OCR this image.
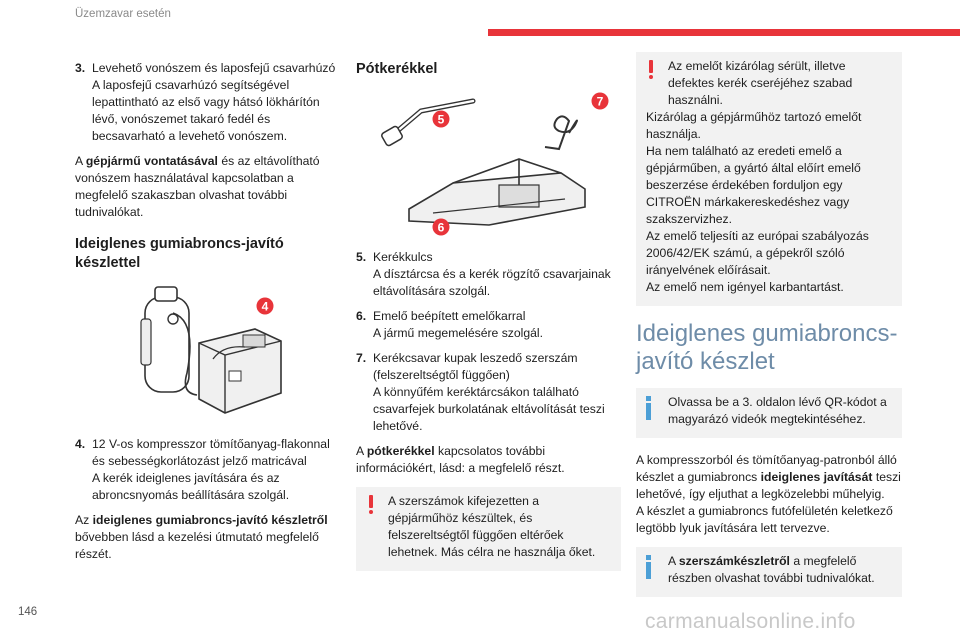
Üzemzavar esetén
3. Levehető vonószem és laposfejű csavarhúzó
A laposfejű csavarhúzó segítségével lepattintható az első vagy hátsó lökhárítón lévő, vonószemet takaró fedél és becsavarható a levehető vonószem.

A gépjármű vontatásával és az eltávolítható vonószem használatával kapcsolatban a megfelelő szakaszban olvashat további tudnivalókat.

Ideiglenes gumiabroncs-javító készlettel
4
4. 12 V-os kompresszor tömítőanyag-flakonnal és sebességkorlátozást jelző matricával
A kerék ideiglenes javítására és az abroncsnyomás beállítására szolgál.

Az ideiglenes gumiabroncs-javító készletről bővebben lásd a kezelési útmutató megfelelő részét.

Pótkerékkel
5
7
6
5. Kerékkulcs
A dísztárcsa és a kerék rögzítő csavarjainak eltávolítására szolgál.
6. Emelő beépített emelőkarral
A jármű megemelésére szolgál.
7. Kerékcsavar kupak leszedő szerszám (felszereltségtől függően)
A könnyűfém keréktárcsákon található csavarfejek burkolatának eltávolítását teszi lehetővé.

A pótkerékkel kapcsolatos további információkért, lásd: a megfelelő részt.

A szerszámok kifejezetten a gépjárműhöz készültek, és felszereltségtől függően eltérőek lehetnek. Más célra ne használja őket.
Az emelőt kizárólag sérült, illetve defektes kerék cseréjéhez szabad használni.
Kizárólag a gépjárműhöz tartozó emelőt használja.
Ha nem található az eredeti emelő a gépjárműben, a gyártó által előírt emelő beszerzése érdekében forduljon egy CITROËN márkakereskedéshez vagy szakszervizhez.
Az emelő teljesíti az európai szabályozás 2006/42/EK számú, a gépekről szóló irányelvének előírásait.
Az emelő nem igényel karbantartást.
Ideiglenes gumiabroncs-javító készlet
Olvassa be a 3. oldalon lévő QR-kódot a magyarázó videók megtekintéséhez.

A kompresszorból és tömítőanyag-patronból álló készlet a gumiabroncs ideiglenes javítását teszi lehetővé, így eljuthat a legközelebbi műhelyig.
A készlet a gumiabroncs futófelületén keletkező legtöbb lyuk javítására lett tervezve.

A szerszámkészletről a megfelelő részben olvashat további tudnivalókat.
146	carmanualsonline.info
